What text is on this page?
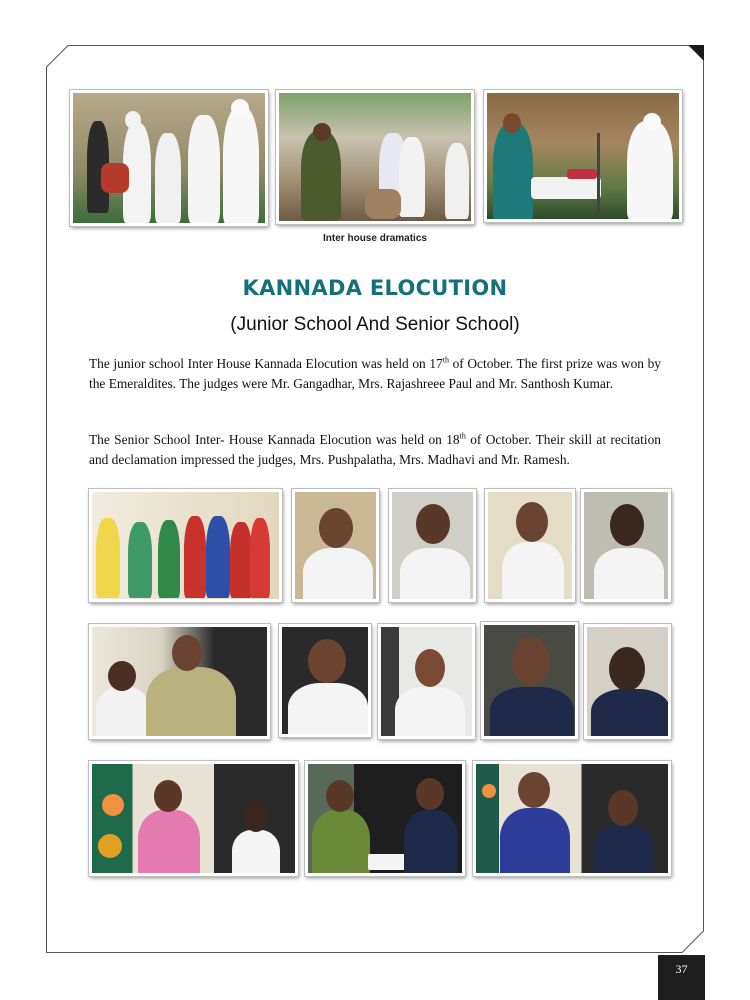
Inter house dramatics
KANNADA ELOCUTION
(Junior School And Senior School)
The junior school Inter House Kannada Elocution was held on 17th of October. The first prize was won by the Emeraldites. The judges were Mr. Gangadhar, Mrs. Rajashreee Paul and Mr. Santhosh Kumar.
The Senior School Inter- House Kannada Elocution was held on 18th of October. Their skill at recitation and declamation impressed the judges, Mrs. Pushpalatha, Mrs. Madhavi and Mr. Ramesh.
37
